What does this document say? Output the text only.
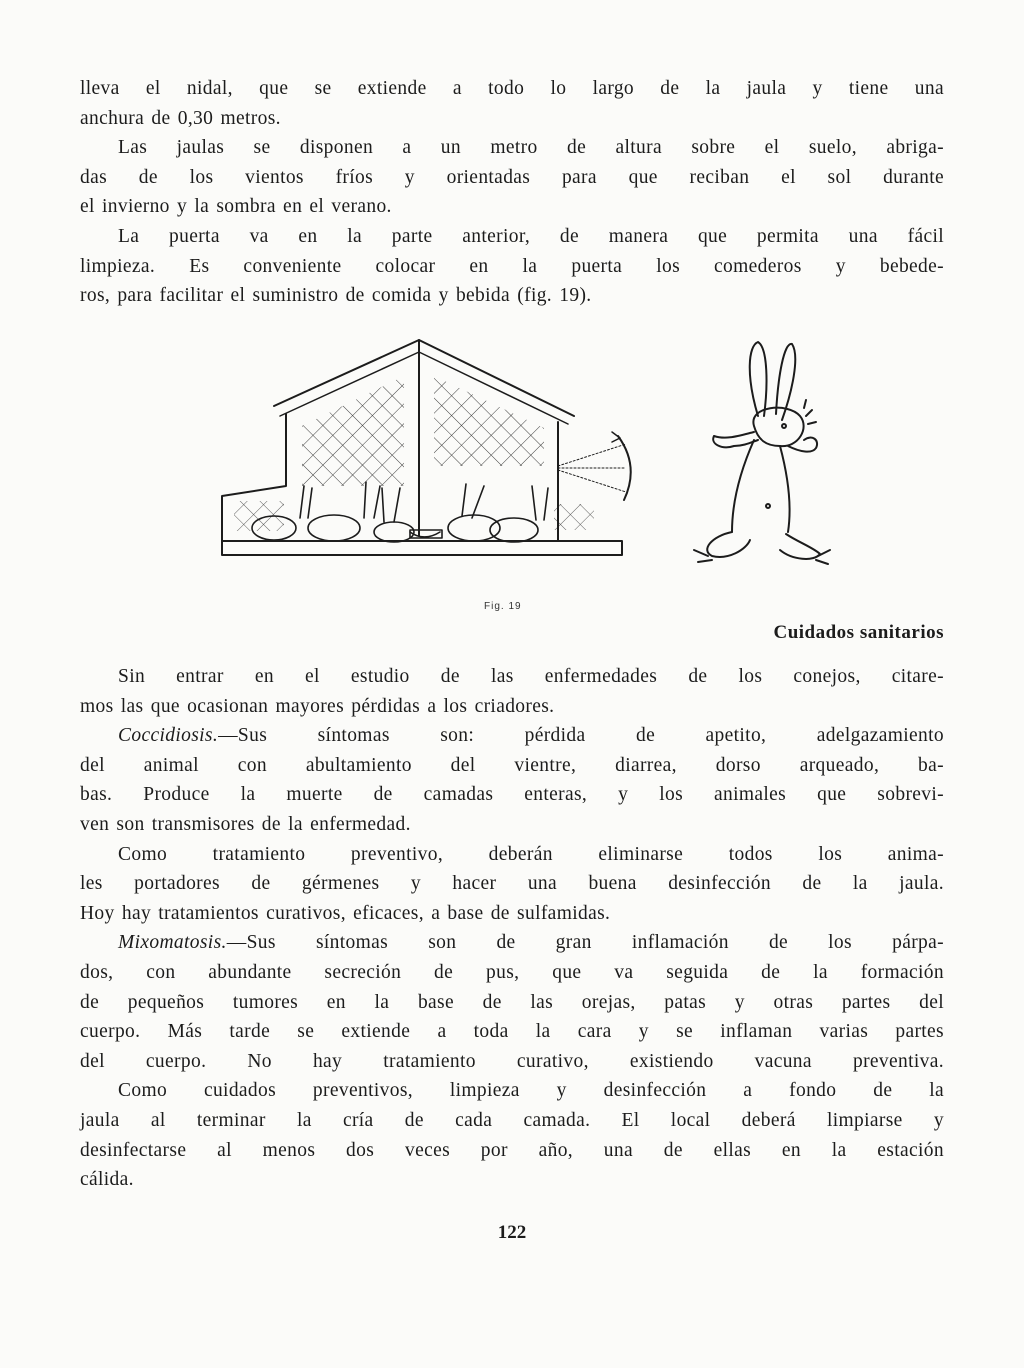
lleva el nidal, que se extiende a todo lo largo de la jaula y tiene una
anchura de 0,30 metros.

Las jaulas se disponen a un metro de altura sobre el suelo, abriga-
das de los vientos fríos y orientadas para que reciban el sol durante
el invierno y la sombra en el verano.

La puerta va en la parte anterior, de manera que permita una fácil
limpieza. Es conveniente colocar en la puerta los comederos y bebede-
ros, para facilitar el suministro de comida y bebida (fig. 19).

Fig. 19
Cuidados sanitarios

Sin entrar en el estudio de las enfermedades de los conejos, citare-
mos las que ocasionan mayores pérdidas a los criadores.

Coccidiosis.—Sus síntomas son: pérdida de apetito, adelgazamiento
del animal con abultamiento del vientre, diarrea, dorso arqueado, ba-
bas. Produce la muerte de camadas enteras, y los animales que sobrevi-
ven son transmisores de la enfermedad.

Como tratamiento preventivo, deberán eliminarse todos los anima-
les portadores de gérmenes y hacer una buena desinfección de la jaula.
Hoy hay tratamientos curativos, eficaces, a base de sulfamidas.

Mixomatosis.—Sus síntomas son de gran inflamación de los párpa-
dos, con abundante secreción de pus, que va seguida de la formación
de pequeños tumores en la base de las orejas, patas y otras partes del
cuerpo. Más tarde se extiende a toda la cara y se inflaman varias partes
del cuerpo. No hay tratamiento curativo, existiendo vacuna preventiva.

Como cuidados preventivos, limpieza y desinfección a fondo de la
jaula al terminar la cría de cada camada. El local deberá limpiarse y
desinfectarse al menos dos veces por año, una de ellas en la estación
cálida.

122
